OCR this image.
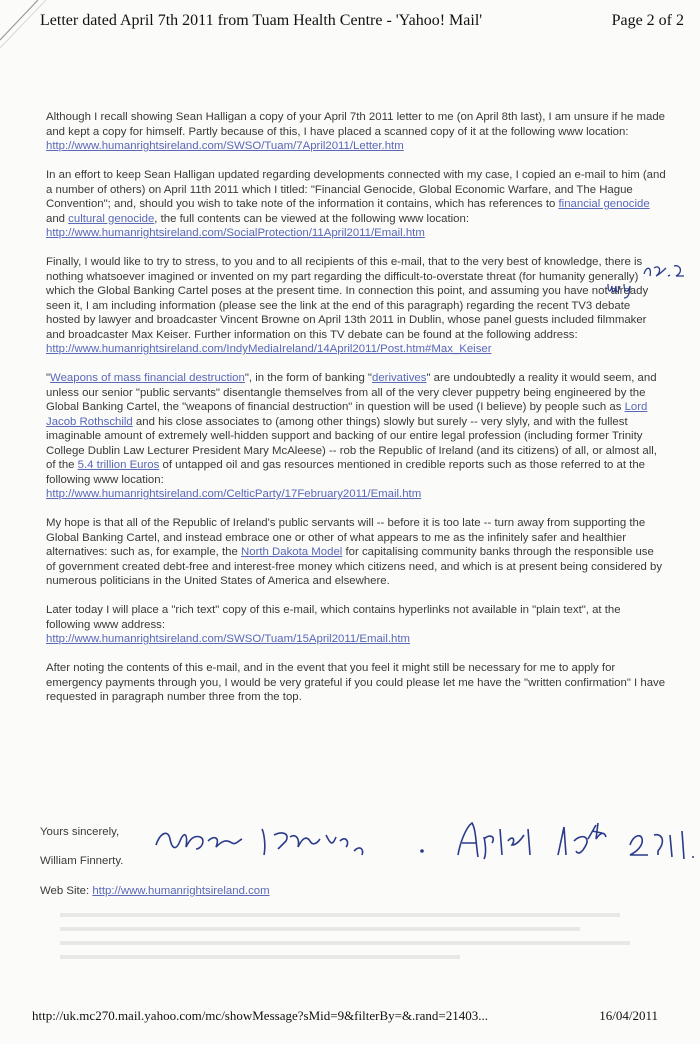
Letter dated April 7th 2011 from Tuam Health Centre - 'Yahoo! Mail'	Page 2 of 2

Although I recall showing Sean Halligan a copy of your April 7th 2011 letter to me (on April 8th last), I am unsure if he made and kept a copy for himself. Partly because of this, I have placed a scanned copy of it at the following www location:
http://www.humanrightsireland.com/SWSO/Tuam/7April2011/Letter.htm

In an effort to keep Sean Halligan updated regarding developments connected with my case, I copied an e-mail to him (and a number of others) on April 11th 2011 which I titled: "Financial Genocide, Global Economic Warfare, and The Hague Convention"; and, should you wish to take note of the information it contains, which has references to financial genocide and cultural genocide, the full contents can be viewed at the following www location:
http://www.humanrightsireland.com/SocialProtection/11April2011/Email.htm

Finally, I would like to try to stress, to you and to all recipients of this e-mail, that to the very best of knowledge, there is nothing whatsoever imagined or invented on my part regarding the difficult-to-overstate threat (for humanity generally) which the Global Banking Cartel poses at the present time. In connection this point, and assuming you have not already seen it, I am including information (please see the link at the end of this paragraph) regarding the recent TV3 debate hosted by lawyer and broadcaster Vincent Browne on April 13th 2011 in Dublin, whose panel guests included filmmaker and broadcaster Max Keiser. Further information on this TV debate can be found at the following address:
http://www.humanrightsireland.com/IndyMediaIreland/14April2011/Post.htm#Max_Keiser

"Weapons of mass financial destruction", in the form of banking "derivatives" are undoubtedly a reality it would seem, and unless our senior "public servants" disentangle themselves from all of the very clever puppetry being engineered by the Global Banking Cartel, the "weapons of financial destruction" in question will be used (I believe) by people such as Lord Jacob Rothschild and his close associates to (among other things) slowly but surely -- very slyly, and with the fullest imaginable amount of extremely well-hidden support and backing of our entire legal profession (including former Trinity College Dublin Law Lecturer President Mary McAleese) -- rob the Republic of Ireland (and its citizens) of all, or almost all, of the 5.4 trillion Euros of untapped oil and gas resources mentioned in credible reports such as those referred to at the following www location:
http://www.humanrightsireland.com/CelticParty/17February2011/Email.htm

My hope is that all of the Republic of Ireland's public servants will -- before it is too late -- turn away from supporting the Global Banking Cartel, and instead embrace one or other of what appears to me as the infinitely safer and healthier alternatives: such as, for example, the North Dakota Model for capitalising community banks through the responsible use of government created debt-free and interest-free money which citizens need, and which is at present being considered by numerous politicians in the United States of America and elsewhere.

Later today I will place a "rich text" copy of this e-mail, which contains hyperlinks not available in "plain text", at the following www address:
http://www.humanrightsireland.com/SWSO/Tuam/15April2011/Email.htm

After noting the contents of this e-mail, and in the event that you feel it might still be necessary for me to apply for emergency payments through you, I would be very grateful if you could please let me have the "written confirmation" I have requested in paragraph number three from the top.

Yours sincerely,
William Finnerty.
Web Site: http://www.humanrightsireland.com
http://uk.mc270.mail.yahoo.com/mc/showMessage?sMid=9&filterBy=&.rand=21403...	16/04/2011
